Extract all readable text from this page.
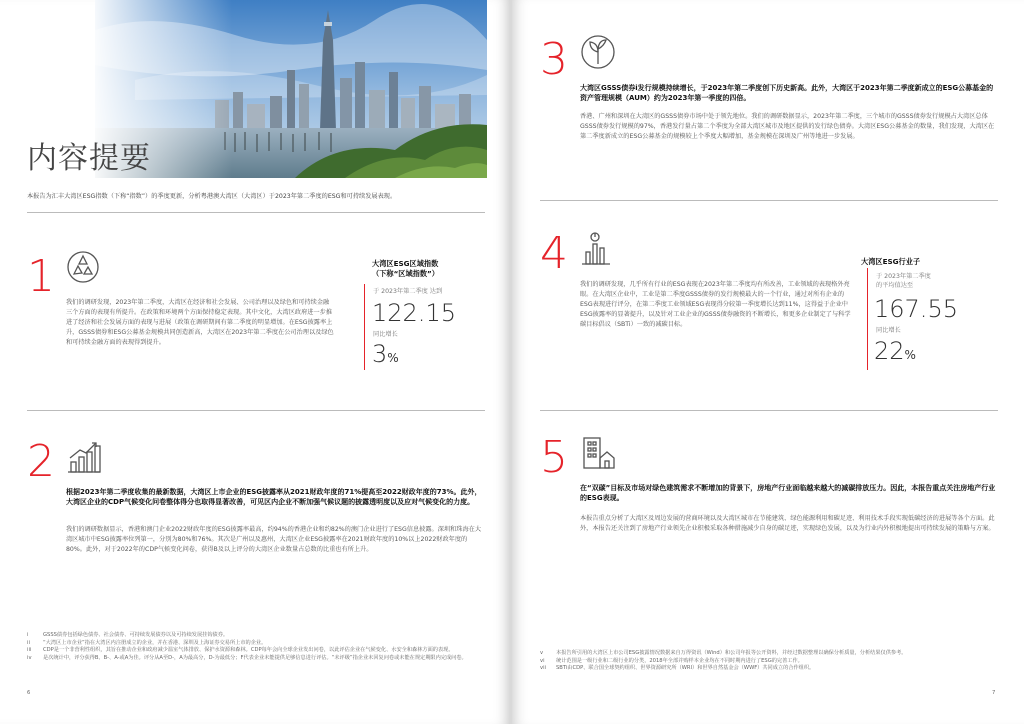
内容提要
本报告为汇丰大湾区ESG指数（下称“指数”）的季度更新，分析粤港澳大湾区（大湾区）于2023年第二季度的ESG和可持续发展表现。
1
我们的调研发现，2023年第二季度，大湾区在经济和社会发展、公司治理以及绿色和可持续金融三个方面的表现有所提升。在政策和环境两个方面保持稳定表现。其中文化，大湾区政府进一步推进了经济和社会发展方面的表现与进展（政策在调研期间有第二季度的明显增加。在ESG披露率上升，GSSS债券和ESG公募基金规模共同创造新高，大湾区在2023年第二季度在公司治理以及绿色和可持续金融方面的表现得到提升。
大湾区ESG区域指数
（下称“区域指数”）
于 2023年第二季度 达到
122.15
同比增长
3%
2
根据2023年第二季度收集的最新数据，大湾区上市企业的ESG披露率从2021财政年度的71%提高至2022财政年度的73%。此外，大湾区企业的CDP气候变化问卷整体得分也取得显著改善，可见区内企业不断加强气候议题的披露透明度以及应对气候变化的力度。
我们的调研数据显示，香港和澳门企业2022财政年度的ESG披露率最高，约94%的香港企业和约82%的澳门企业进行了ESG信息披露。深圳和珠海在大湾区城市中ESG披露率位列第一，分别为80%和76%。其次是广州以及惠州，大湾区企业ESG披露率在2021财政年度的10%以上2022财政年度的80%。此外，对于2022年的CDP气候变化问卷，获得B及以上评分的大湾区企业数量占总数的比重也有所上升。
i	GSSS债券包括绿色债券、社会债券、可持续发展债券以及可持续发展挂钩债券。
ii	“大湾区上市企业”指在大湾区内注册成立的企业，并在香港、深圳及上海证券交易所上市的企业。
iii	CDP是一个非营利性组织，其旨在推动企业和政府减少温室气体排放、保护水资源和森林。CDP每年会向全球企业发出问卷，以此评估企业在气候变化、水安全和森林方面的表现。
iv	是次统计中，评分获得B、B-、A-或A为佳。评分从A至D-，A为最高分，D-为最低分；F代表企业未能提供足够信息进行评估。“未评级”指企业未回复问卷或未能在规定期限内完成问卷。
6
3
大湾区GSSS债券i发行规模持续增长，于2023年第二季度创下历史新高。此外，大湾区于2023年第二季度新成立的ESG公募基金的资产管理规模（AUM）约为2023年第一季度的四倍。
香港、广州和深圳在大湾区的GSSS债券市场中处于领先地位。我们的调研数据显示，2023年第二季度，三个城市的GSSS债券发行规模占大湾区总体GSSS债券发行规模的97%，香港发行量占第二个季度为全部大湾区城市及地区提供的发行绿色债券。大湾区ESG公募基金的数量，我们发现，大湾区在第二季度新成立的ESG公募基金的规模较上个季度大幅增加，基金规模在深圳及广州等地进一步发展。
4
我们的调研发现，几乎所有行业的ESG表现在2023年第二季度均有所改善，工业领域的表现格外亮眼。在大湾区企业中，工业是第二季度GSSS债券的发行规模最大的一个行业，通过对所有企业的ESG表现进行评分，在第二季度工业领域ESG表现得分较第一季度增长达到11%，这得益于企业中ESG披露率的显著提升，以及针对工业企业的GSSS债券融资的不断增长，和更多企业制定了与科学碳目标倡议（SBTi）一致的减碳目标。
大湾区ESG行业子
于 2023年第二季度
的平均值达至
167.55
同比增长
22%
5
在“双碳”目标及市场对绿色建筑需求不断增加的背景下，房地产行业面临越来越大的减碳排放压力。因此，本报告重点关注房地产行业的ESG表现。
本报告重点分析了大湾区及周边发展的营商环境以及大湾区城市在节能建筑、绿色能源利用和碳足迹、利用技术手段实现低碳经济的进展等各个方面。此外，本报告还关注到了房地产行业领先企业积极采取各种措施减少自身的碳足迹，实现绿色发展，以及为行业内外积极地提出可持续发展的策略与方案。
v	本报告所引用的大湾区上市公司ESG披露情况数据来自万得资讯（Wind）和公司年报等公开资料，并经过数据整理以确保分析质量，分析结果仅供参考。
vi	统计范围是一级行业和二级行业的分类，2018年全部并购样本企业均在不同时期内进行了ESG的完善工作。
vii	SBTi由CDP、联合国全球契约组织、世界资源研究所（WRI）和世界自然基金会（WWF）共同成立的合作组织。
7
